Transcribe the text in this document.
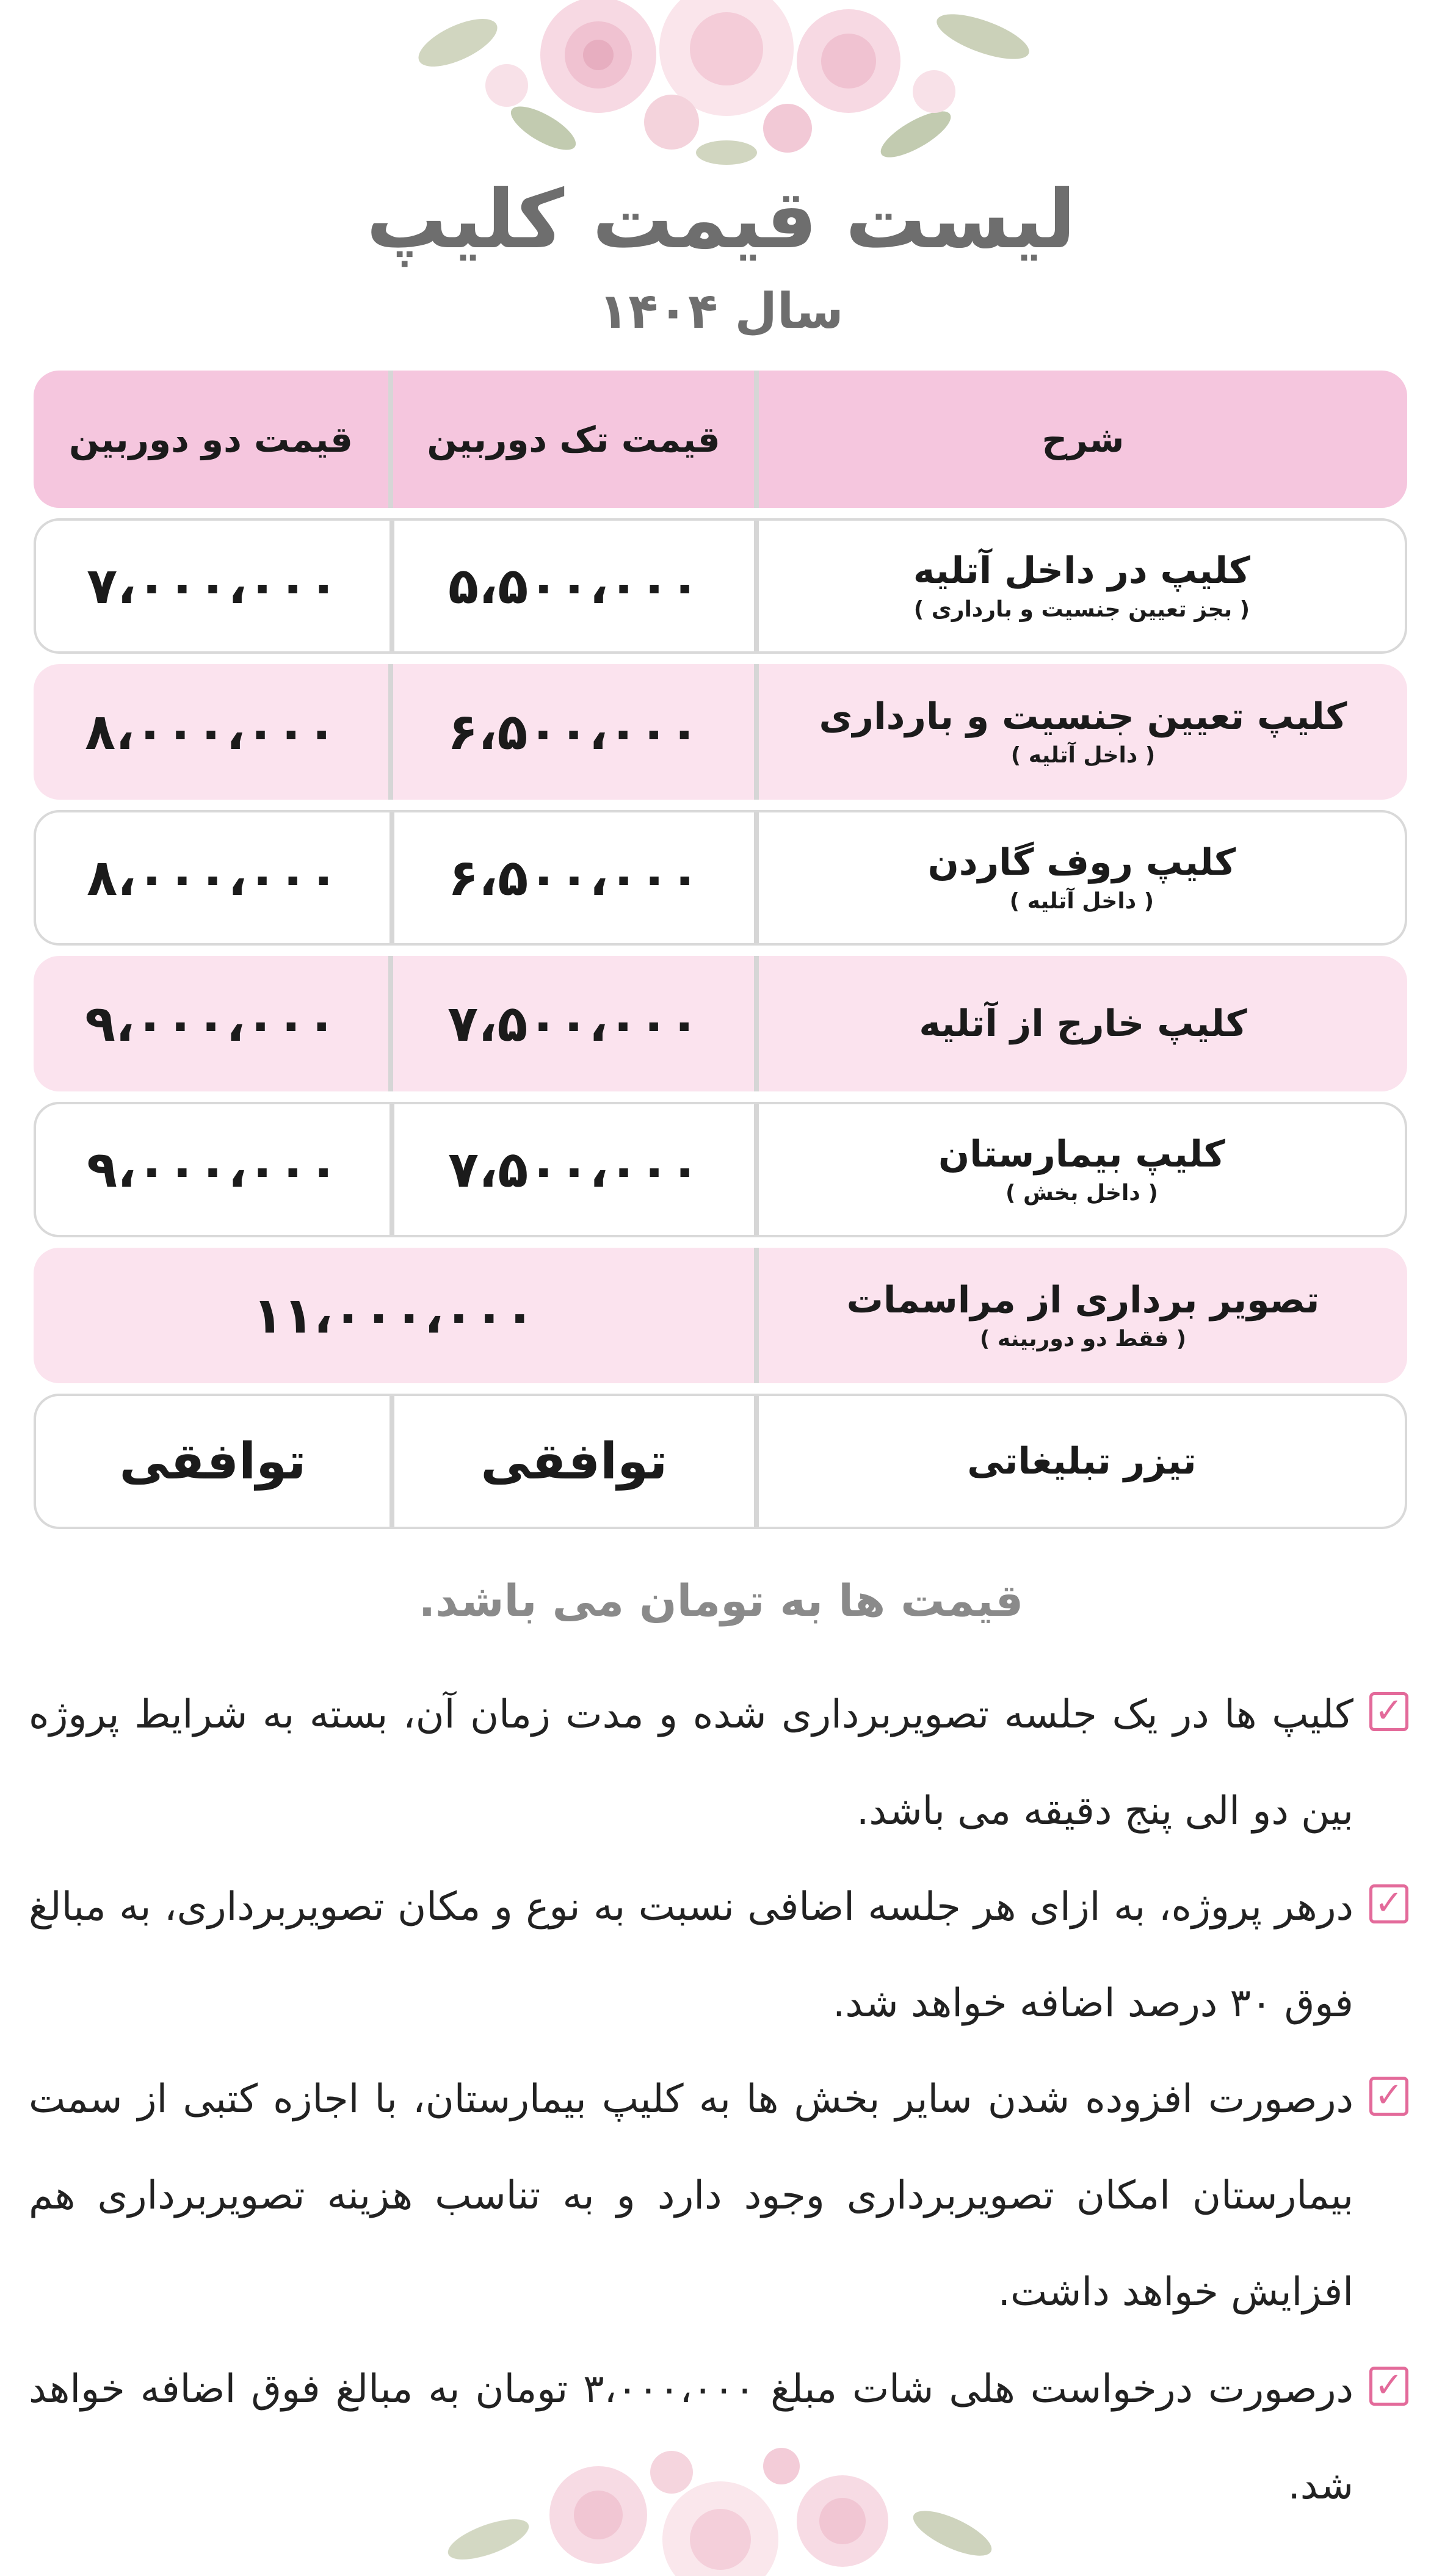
لیست قیمت کلیپ
سال ۱۴۰۴
شرح
قیمت تک دوربین
قیمت دو دوربین
کلیپ در داخل آتلیه
( بجز تعیین جنسیت و بارداری )
۵،۵۰۰،۰۰۰
۷،۰۰۰،۰۰۰
کلیپ تعیین جنسیت و بارداری
( داخل آتلیه )
۶،۵۰۰،۰۰۰
۸،۰۰۰،۰۰۰
کلیپ روف گاردن
( داخل آتلیه )
۶،۵۰۰،۰۰۰
۸،۰۰۰،۰۰۰
کلیپ خارج از آتلیه
۷،۵۰۰،۰۰۰
۹،۰۰۰،۰۰۰
کلیپ بیمارستان
( داخل بخش )
۷،۵۰۰،۰۰۰
۹،۰۰۰،۰۰۰
تصویر برداری از مراسمات
( فقط دو دوربینه )
۱۱،۰۰۰،۰۰۰
تیزر تبلیغاتی
توافقی
توافقی
قیمت ها به تومان می باشد.
✓
کلیپ ها در یک جلسه تصویربرداری شده و مدت زمان آن، بسته به شرایط پروژه بین دو الی پنج دقیقه می باشد.
✓
درهر پروژه، به ازای هر جلسه اضافی نسبت به نوع و مکان تصویربرداری، به مبالغ فوق ۳۰ درصد اضافه خواهد شد.
✓
درصورت افزوده شدن سایر بخش ها به کلیپ بیمارستان، با اجازه کتبی از سمت بیمارستان امکان تصویربرداری وجود دارد و به تناسب هزینه تصویربرداری هم افزایش خواهد داشت.
✓
درصورت درخواست هلی شات مبلغ ۳،۰۰۰،۰۰۰ تومان به مبالغ فوق اضافه خواهد شد.
